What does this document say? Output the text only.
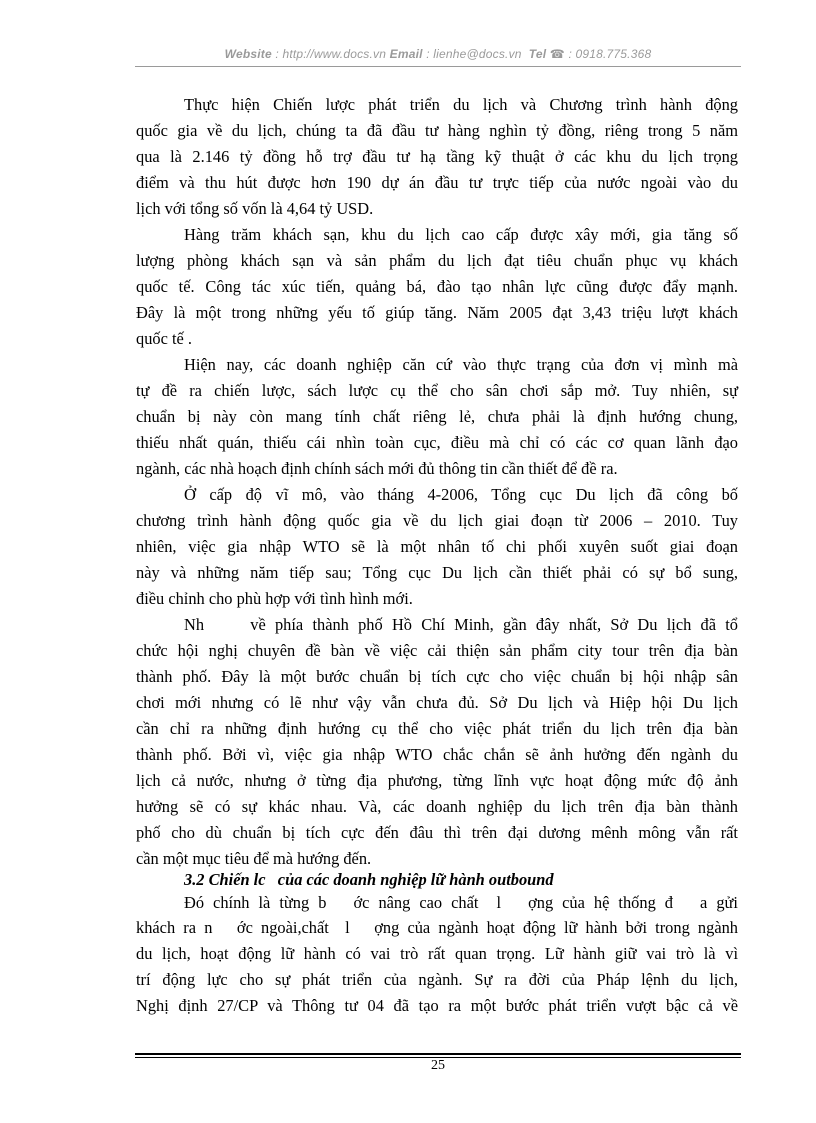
Website : http://www.docs.vn Email : lienhe@docs.vn Tel ☎ : 0918.775.368
Thực hiện Chiến lược phát triển du lịch và Chương trình hành động
quốc gia về du lịch, chúng ta đã đầu tư hàng nghìn tỷ đồng, riêng trong 5 năm
qua là 2.146 tỷ đồng hỗ trợ đầu tư hạ tầng kỹ thuật ở các khu du lịch trọng
điểm và thu hút được hơn 190 dự án đầu tư trực tiếp của nước ngoài vào du
lịch với tổng số vốn là 4,64 tỷ USD.
Hàng trăm khách sạn, khu du lịch cao cấp được xây mới, gia tăng số
lượng phòng khách sạn và sản phẩm du lịch đạt tiêu chuẩn phục vụ khách
quốc tế. Công tác xúc tiến, quảng bá, đào tạo nhân lực cũng được đẩy mạnh.
Đây là một trong những yếu tố giúp tăng. Năm 2005 đạt 3,43 triệu lượt khách
quốc tế .
Hiện nay, các doanh nghiệp căn cứ vào thực trạng của đơn vị mình mà
tự đề ra chiến lược, sách lược cụ thể cho sân chơi sắp mở. Tuy nhiên, sự
chuẩn bị này còn mang tính chất riêng lẻ, chưa phải là định hướng chung,
thiếu nhất quán, thiếu cái nhìn toàn cục, điều mà chỉ có các cơ quan lãnh đạo
ngành, các nhà hoạch định chính sách mới đủ thông tin cần thiết để đề ra.
Ở cấp độ vĩ mô, vào tháng 4-2006, Tổng cục Du lịch đã công bố
chương trình hành động quốc gia về du lịch giai đoạn từ 2006 – 2010. Tuy
nhiên, việc gia nhập WTO sẽ là một nhân tố chi phối xuyên suốt giai đoạn
này và những năm tiếp sau; Tổng cục Du lịch cần thiết phải có sự bổ sung,
điều chỉnh cho phù hợp với tình hình mới.
Nh     về phía thành phố Hồ Chí Minh, gần đây nhất, Sở Du lịch đã tổ
chức hội nghị chuyên đề bàn về việc cải thiện sản phẩm city tour trên địa bàn
thành phố. Đây là một bước chuẩn bị tích cực cho việc chuẩn bị hội nhập sân
chơi mới nhưng có lẽ như vậy vẫn chưa đủ. Sở Du lịch và Hiệp hội Du lịch
cần chỉ ra những định hướng cụ thể cho việc phát triển du lịch trên địa bàn
thành phố. Bởi vì, việc gia nhập WTO chắc chắn sẽ ảnh hưởng đến ngành du
lịch cả nước, nhưng ở từng địa phương, từng lĩnh vực hoạt động mức độ ảnh
hưởng sẽ có sự khác nhau. Và, các doanh nghiệp du lịch trên địa bàn thành
phố cho dù chuẩn bị tích cực đến đâu thì trên đại dương mênh mông vẫn rất
cần một mục tiêu để mà hướng đến.
3.2 Chiến lc   của các doanh nghiệp lữ hành outbound
Đó chính là từng b   ớc nâng cao chất  l   ợng của hệ thống đ   a gửi
khách ra n   ớc ngoài,chất  l   ợng của ngành hoạt động lữ hành bởi trong ngành
du lịch, hoạt động lữ hành có vai trò rất quan trọng. Lữ hành giữ vai trò là vì
trí động lực cho sự phát triển của ngành. Sự ra đời của Pháp lệnh du lịch,
Nghị định 27/CP và Thông tư 04 đã tạo ra một bước phát triển vượt bậc cả về
25
